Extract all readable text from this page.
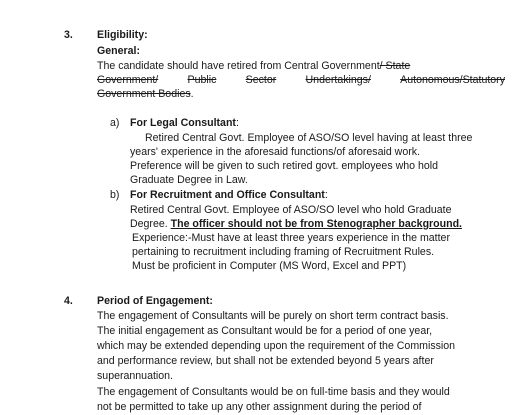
3. Eligibility:
General:
The candidate should have retired from Central Government/ State
Government/	Public	Sector	Undertakings/	Autonomous/Statutory
Government Bodies.
a) For Legal Consultant:
Retired Central Govt. Employee of ASO/SO level having at least three
years' experience in the aforesaid functions/of aforesaid work.
Preference will be given to such retired govt. employees who hold
Graduate Degree in Law.
b) For Recruitment and Office Consultant:
Retired Central Govt. Employee of ASO/SO level who hold Graduate
Degree. The officer should not be from Stenographer background.
Experience:-Must have at least three years experience in the matter
pertaining to recruitment including framing of Recruitment Rules.
Must be proficient in Computer (MS Word, Excel and PPT)
4. Period of Engagement:
The engagement of Consultants will be purely on short term contract basis.
The initial engagement as Consultant would be for a period of one year,
which may be extended depending upon the requirement of the Commission
and performance review, but shall not be extended beyond 5 years after
superannuation.
The engagement of Consultants would be on full-time basis and they would
not be permitted to take up any other assignment during the period of
